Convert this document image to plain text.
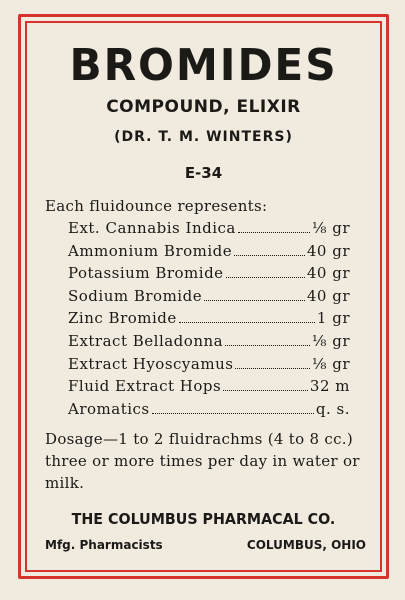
BROMIDES
COMPOUND, ELIXIR
(DR. T. M. WINTERS)
E-34
Each fluidounce represents:
Ext. Cannabis Indica	⅛ gr
Ammonium Bromide	40 gr
Potassium Bromide	40 gr
Sodium Bromide	40 gr
Zinc Bromide	1 gr
Extract Belladonna	⅛ gr
Extract Hyoscyamus	⅛ gr
Fluid Extract Hops	32 m
Aromatics	q. s.
Dosage—1 to 2 fluidrachms (4 to 8 cc.) three or more times per day in water or milk.
THE COLUMBUS PHARMACAL CO.
Mfg. Pharmacists	COLUMBUS, OHIO
